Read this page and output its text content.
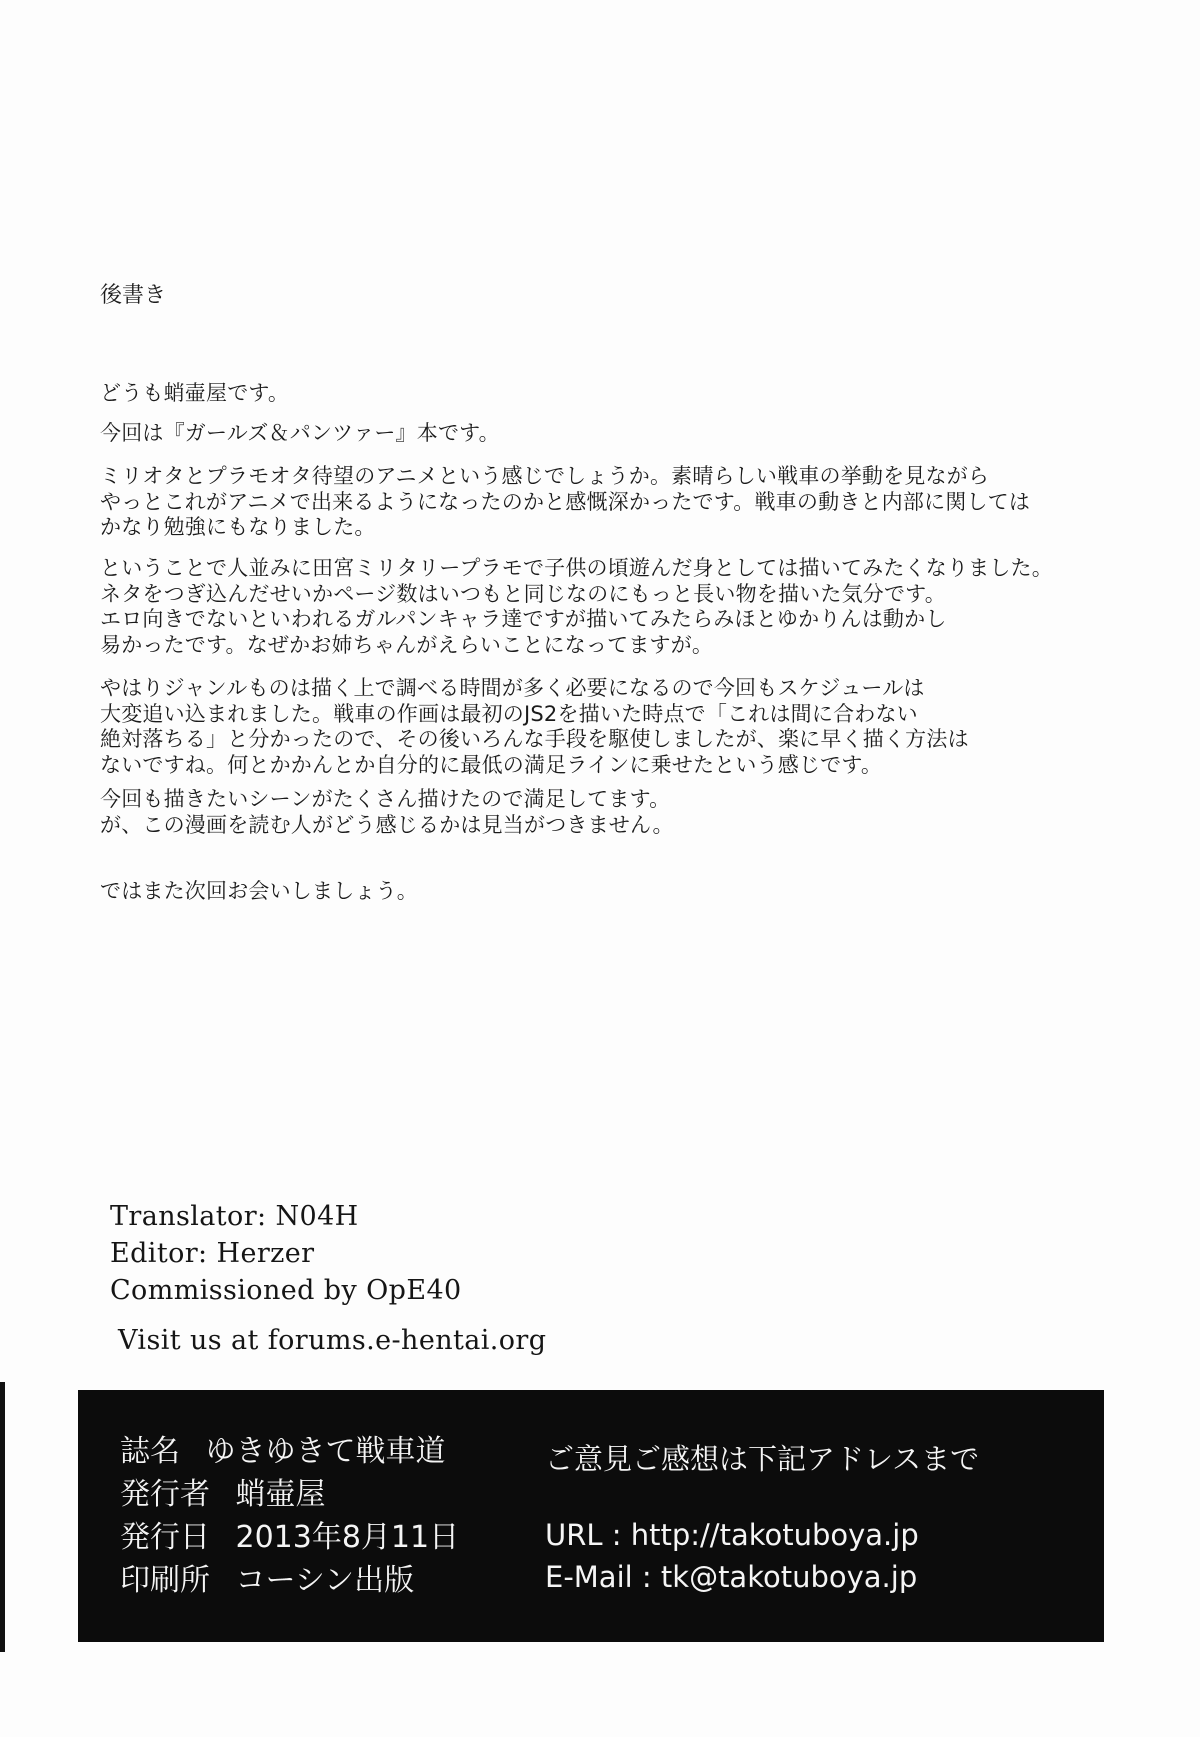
後書き
どうも蛸壷屋です。
今回は『ガールズ＆パンツァー』本です。
ミリオタとプラモオタ待望のアニメという感じでしょうか。素晴らしい戦車の挙動を見ながら
やっとこれがアニメで出来るようになったのかと感慨深かったです。戦車の動きと内部に関しては
かなり勉強にもなりました。
ということで人並みに田宮ミリタリープラモで子供の頃遊んだ身としては描いてみたくなりました。
ネタをつぎ込んだせいかページ数はいつもと同じなのにもっと長い物を描いた気分です。
エロ向きでないといわれるガルパンキャラ達ですが描いてみたらみほとゆかりんは動かし
易かったです。なぜかお姉ちゃんがえらいことになってますが。
やはりジャンルものは描く上で調べる時間が多く必要になるので今回もスケジュールは
大変追い込まれました。戦車の作画は最初のJS2を描いた時点で「これは間に合わない
絶対落ちる」と分かったので、その後いろんな手段を駆使しましたが、楽に早く描く方法は
ないですね。何とかかんとか自分的に最低の満足ラインに乗せたという感じです。
今回も描きたいシーンがたくさん描けたので満足してます。
が、この漫画を読む人がどう感じるかは見当がつきません。
ではまた次回お会いしましょう。
Translator: N04H
Editor: Herzer
Commissioned by OpE40
Visit us at forums.e-hentai.org
誌名 ゆきゆきて戦車道
発行者 蛸壷屋
発行日 2013年8月11日
印刷所 コーシン出版
ご意見ご感想は下記アドレスまで
URL : http://takotuboya.jp
E-Mail : tk@takotuboya.jp
